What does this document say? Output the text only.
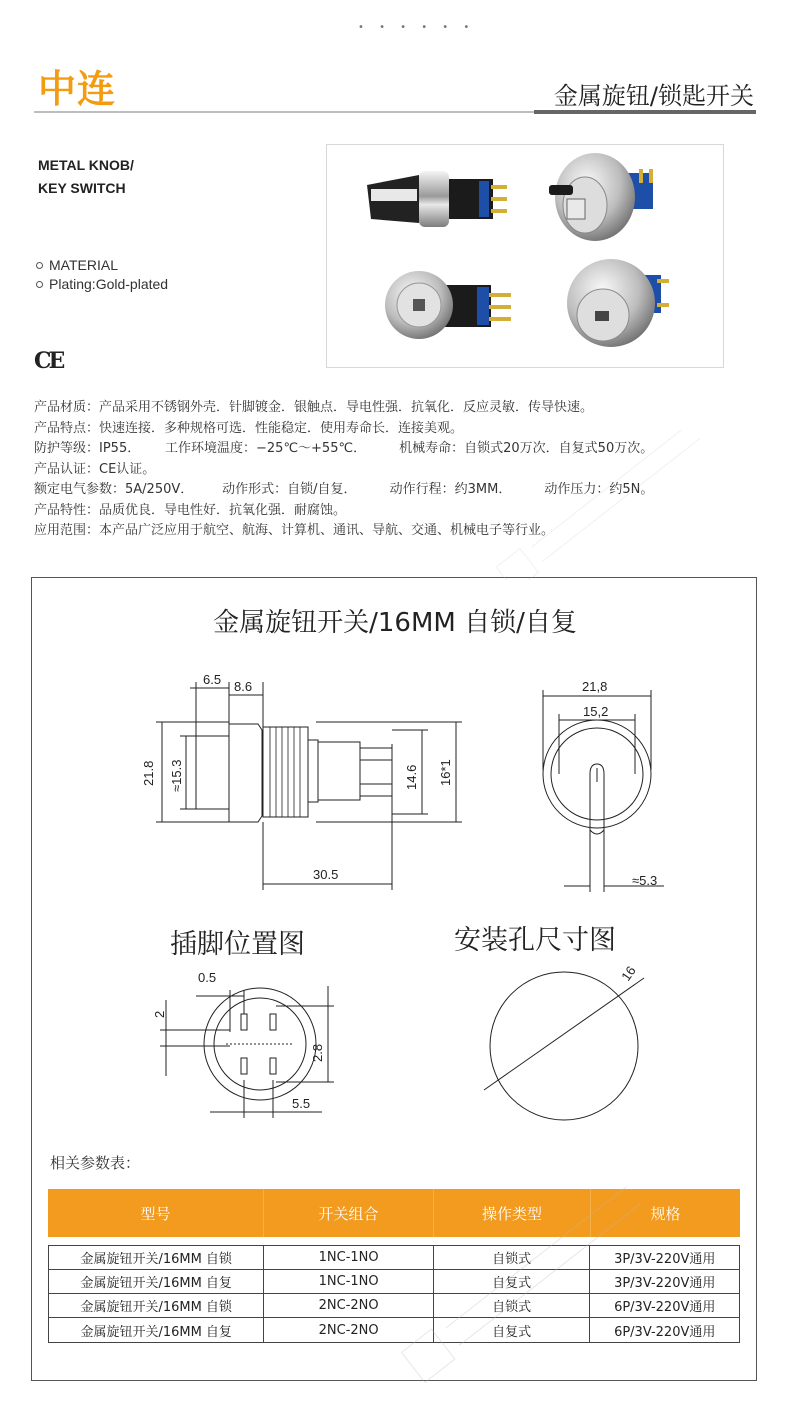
• • • • • •
中连	金属旋钮/锁匙开关
METAL KNOB/
KEY SWITCH
MATERIAL
Plating:Gold-plated
CE
产品材质：产品采用不锈钢外壳．针脚镀金．银触点．导电性强．抗氧化．反应灵敏．传导快速。
产品特点：快速连接．多种规格可选．性能稳定．使用寿命长．连接美观。
防护等级：IP55．      工作环境温度：−25℃～+55℃．        机械寿命：自锁式20万次．自复式50万次。
产品认证：CE认证。
额定电气参数：5A/250V．       动作形式：自锁/自复．        动作行程：约3MM．        动作压力：约5N。
产品特性：品质优良．导电性好．抗氧化强．耐腐蚀。
应用范围：本产品广泛应用于航空、航海、计算机、通讯、导航、交通、机械电子等行业。
金属旋钮开关/16MM 自锁/自复
6.5 8.6
21.8 ≈15.3	14.6 16*1
30.5
21,8
15,2
≈5.3
0.5
2
2.8
5.5
16
插脚位置图	安装孔尺寸图
相关参数表：
型号	开关组合	操作类型	规格
金属旋钮开关/16MM 自锁	1NC-1NO	自锁式	3P/3V-220V通用
金属旋钮开关/16MM 自复	1NC-1NO	自复式	3P/3V-220V通用
金属旋钮开关/16MM 自锁	2NC-2NO	自锁式	6P/3V-220V通用
金属旋钮开关/16MM 自复	2NC-2NO	自复式	6P/3V-220V通用
